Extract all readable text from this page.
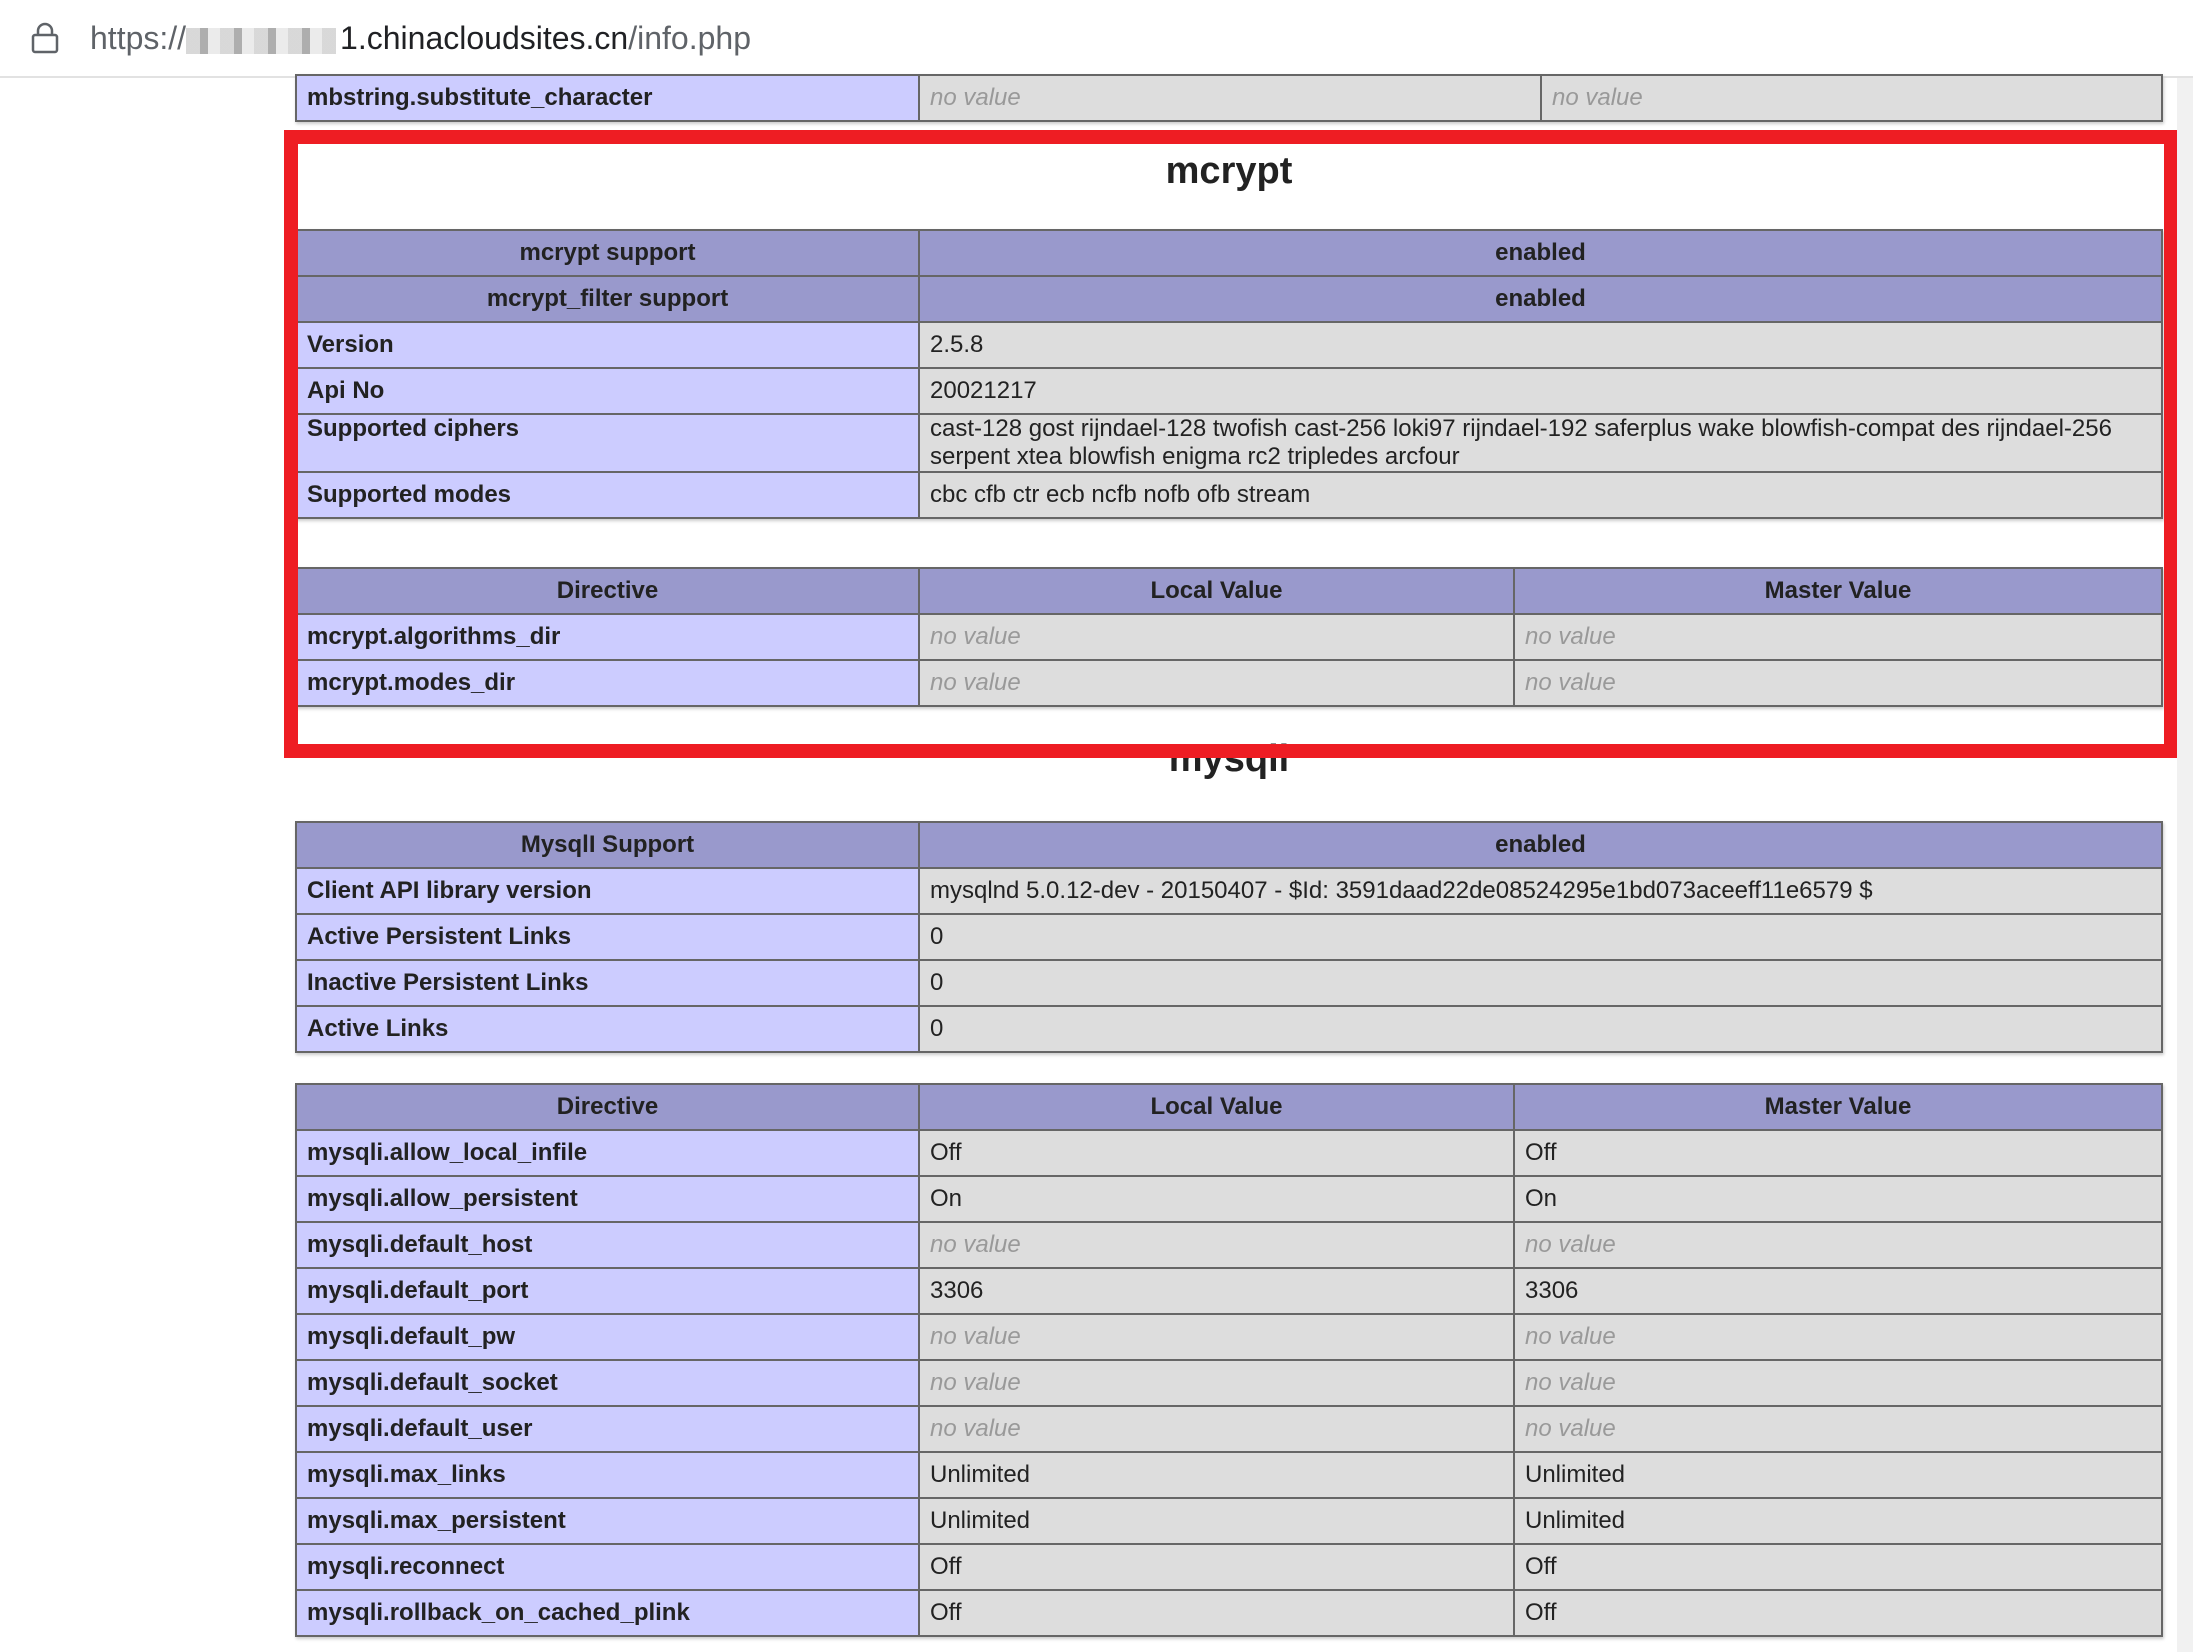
https://	1.chinacloudsites.cn/info.php
mbstring.substitute_character	no value	no value
mcrypt
mcrypt support	enabled
mcrypt_filter support	enabled
Version	2.5.8
Api No	20021217
Supported ciphers	cast-128 gost rijndael-128 twofish cast-256 loki97 rijndael-192 saferplus wake blowfish-compat des rijndael-256 serpent xtea blowfish enigma rc2 tripledes arcfour
Supported modes	cbc cfb ctr ecb ncfb nofb ofb stream
Directive	Local Value	Master Value
mcrypt.algorithms_dir	no value	no value
mcrypt.modes_dir	no value	no value
mysqli
MysqlI Support	enabled
Client API library version	mysqlnd 5.0.12-dev - 20150407 - $Id: 3591daad22de08524295e1bd073aceeff11e6579 $
Active Persistent Links	0
Inactive Persistent Links	0
Active Links	0
Directive	Local Value	Master Value
mysqli.allow_local_infile	Off	Off
mysqli.allow_persistent	On	On
mysqli.default_host	no value	no value
mysqli.default_port	3306	3306
mysqli.default_pw	no value	no value
mysqli.default_socket	no value	no value
mysqli.default_user	no value	no value
mysqli.max_links	Unlimited	Unlimited
mysqli.max_persistent	Unlimited	Unlimited
mysqli.reconnect	Off	Off
mysqli.rollback_on_cached_plink	Off	Off
